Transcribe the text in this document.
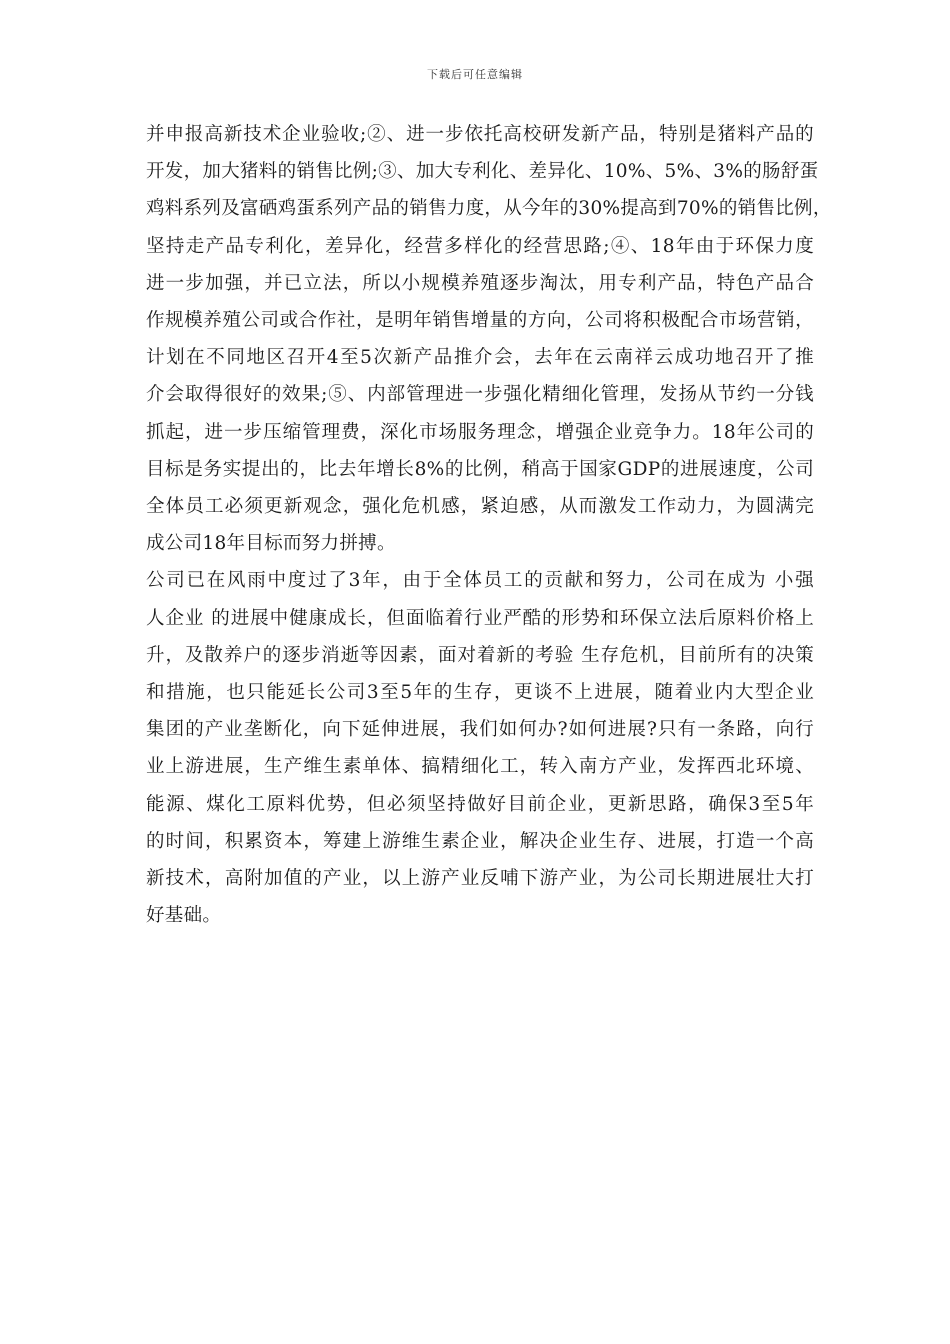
下载后可任意编辑
并申报高新技术企业验收;②、进一步依托高校研发新产品，特别是猪料产品的
开发，加大猪料的销售比例;③、加大专利化、差异化、10%、5%、3%的肠舒蛋
鸡料系列及富硒鸡蛋系列产品的销售力度，从今年的30%提高到70%的销售比例，
坚持走产品专利化，差异化，经营多样化的经营思路;④、18年由于环保力度
进一步加强，并已立法，所以小规模养殖逐步淘汰，用专利产品，特色产品合
作规模养殖公司或合作社，是明年销售增量的方向，公司将积极配合市场营销，
计划在不同地区召开4至5次新产品推介会，去年在云南祥云成功地召开了推
介会取得很好的效果;⑤、内部管理进一步强化精细化管理，发扬从节约一分钱
抓起，进一步压缩管理费，深化市场服务理念，增强企业竞争力。18年公司的
目标是务实提出的，比去年增长8%的比例，稍高于国家GDP的进展速度，公司
全体员工必须更新观念，强化危机感，紧迫感，从而激发工作动力，为圆满完
成公司18年目标而努力拼搏。
公司已在风雨中度过了3年，由于全体员工的贡献和努力，公司在成为 小强
人企业 的进展中健康成长，但面临着行业严酷的形势和环保立法后原料价格上
升，及散养户的逐步消逝等因素，面对着新的考验 生存危机，目前所有的决策
和措施，也只能延长公司3至5年的生存，更谈不上进展，随着业内大型企业
集团的产业垄断化，向下延伸进展，我们如何办?如何进展?只有一条路，向行
业上游进展，生产维生素单体、搞精细化工，转入南方产业，发挥西北环境、
能源、煤化工原料优势，但必须坚持做好目前企业，更新思路，确保3至5年
的时间，积累资本，筹建上游维生素企业，解决企业生存、进展，打造一个高
新技术，高附加值的产业，以上游产业反哺下游产业，为公司长期进展壮大打
好基础。
